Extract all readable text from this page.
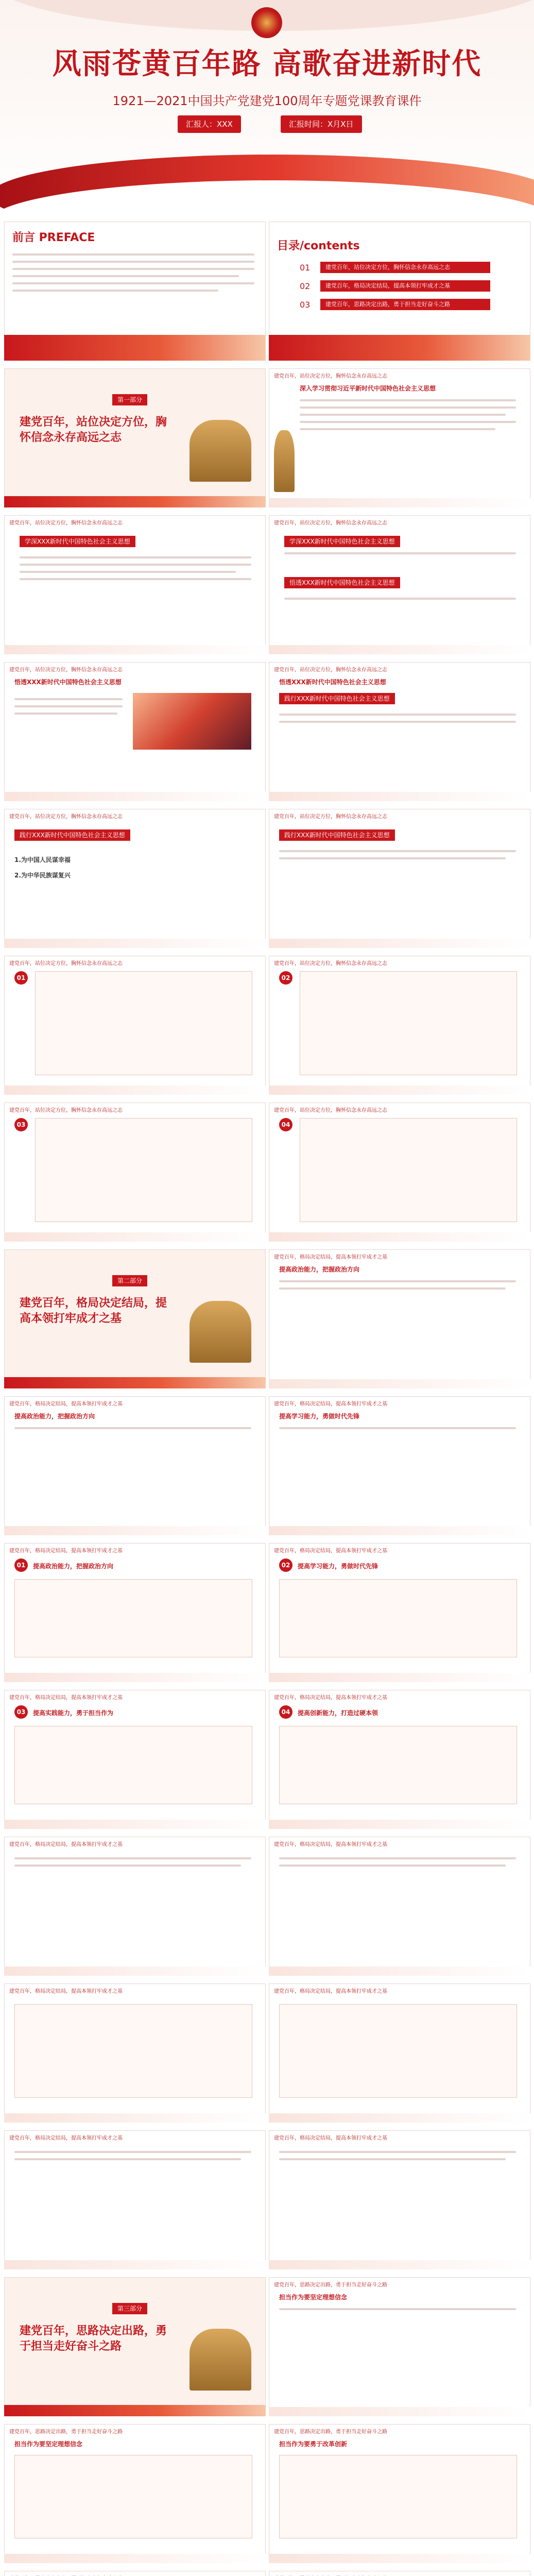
风雨苍黄百年路 高歌奋进新时代
1921—2021中国共产党建党100周年专题党课教育课件
汇报人：XXX	汇报时间：X月X日
前言 PREFACE
目录/contents
01	建党百年，站位决定方位，胸怀信念永存高远之志
02	建党百年，格局决定结局，提高本领打牢成才之基
03	建党百年，思路决定出路，勇于担当走好奋斗之路
第一部分
建党百年，站位决定方位，胸怀信念永存高远之志
建党百年，站位决定方位，胸怀信念永存高远之志
深入学习贯彻习近平新时代中国特色社会主义思想
建党百年，站位决定方位，胸怀信念永存高远之志
学深XXX新时代中国特色社会主义思想
建党百年，站位决定方位，胸怀信念永存高远之志
学深XXX新时代中国特色社会主义思想
悟透XXX新时代中国特色社会主义思想
建党百年，站位决定方位，胸怀信念永存高远之志
悟透XXX新时代中国特色社会主义思想
建党百年，站位决定方位，胸怀信念永存高远之志
悟透XXX新时代中国特色社会主义思想
践行XXX新时代中国特色社会主义思想
建党百年，站位决定方位，胸怀信念永存高远之志
践行XXX新时代中国特色社会主义思想
1.为中国人民谋幸福
2.为中华民族谋复兴
建党百年，站位决定方位，胸怀信念永存高远之志
践行XXX新时代中国特色社会主义思想
建党百年，站位决定方位，胸怀信念永存高远之志
01
建党百年，站位决定方位，胸怀信念永存高远之志
02
建党百年，站位决定方位，胸怀信念永存高远之志
03
建党百年，站位决定方位，胸怀信念永存高远之志
04
第二部分
建党百年，格局决定结局，提高本领打牢成才之基
建党百年，格局决定结局，提高本领打牢成才之基
提高政治能力，把握政治方向
建党百年，格局决定结局，提高本领打牢成才之基
提高政治能力，把握政治方向
建党百年，格局决定结局，提高本领打牢成才之基
提高学习能力，勇做时代先锋
建党百年，格局决定结局，提高本领打牢成才之基
01	提高政治能力，把握政治方向
建党百年，格局决定结局，提高本领打牢成才之基
02	提高学习能力，勇做时代先锋
建党百年，格局决定结局，提高本领打牢成才之基
03	提高实践能力，勇于担当作为
建党百年，格局决定结局，提高本领打牢成才之基
04	提高创新能力，打造过硬本领
建党百年，格局决定结局，提高本领打牢成才之基	建党百年，格局决定结局，提高本领打牢成才之基
建党百年，格局决定结局，提高本领打牢成才之基	建党百年，格局决定结局，提高本领打牢成才之基
建党百年，格局决定结局，提高本领打牢成才之基	建党百年，格局决定结局，提高本领打牢成才之基
第三部分
建党百年，思路决定出路，勇于担当走好奋斗之路
建党百年，思路决定出路，勇于担当走好奋斗之路
担当作为要坚定理想信念
建党百年，思路决定出路，勇于担当走好奋斗之路
担当作为要坚定理想信念
建党百年，思路决定出路，勇于担当走好奋斗之路
担当作为要勇于改革创新
